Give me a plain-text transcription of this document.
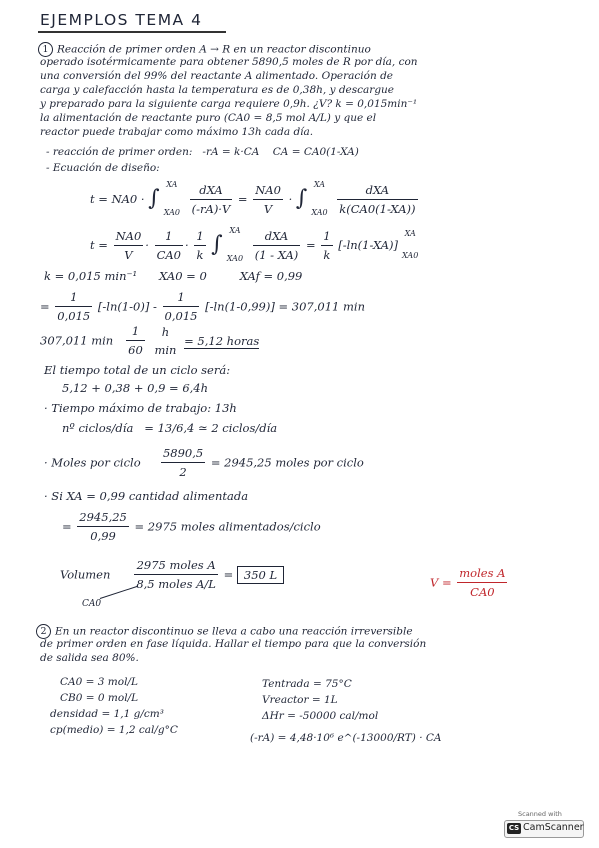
EJEMPLOS TEMA 4
1 Reacción de primer orden A → R en un reactor discontinuo
operado isotérmicamente para obtener 5890,5 moles de R por día, con
una conversión del 99% del reactante A alimentado. Operación de
carga y calefacción hasta la temperatura es de 0,38h, y descargue
y preparado para la siguiente carga requiere 0,9h. ¿V? k = 0,015min⁻¹
la alimentación de reactante puro (CA0 = 8,5 mol A/L) y que el
reactor puede trabajar como máximo 13h cada día.
- reacción de primer orden: -rA = k·CA CA = CA0(1-XA)
- Ecuación de diseño:
t = NA0 · ∫
XA
XA0
$\frac{\text{dXA}}{(-rA)\cdot V} = \frac{NA0}{V}$ · ∫
XA
XA0
$\frac{\text{dXA}}{k(CA0(1-XA))}$
$t = \frac{NA0}{V} \cdot \frac{1}{CA0} \cdot \frac{1}{k}$ ∫
XA
XA0
$\frac{\text{dXA}}{(1 - XA)} = \frac{1}{k} [-\ln(1-XA)]$
XA
XA0
k = 0,015 min⁻¹ XA0 = 0	XAf = 0,99
= $\frac{1}{0,015} [-\ln(1-0)] - \frac{1}{0,015} [-\ln(1-0,99)] = 307,011$ min
307,011 $\min \frac{1}{60}$
	h
min
= 5,12 horas
El tiempo total de un ciclo será:
5,12 + 0,38 + 0,9 = 6,4h
· Tiempo máximo de trabajo: 13h
nº ciclos/día = 13/6,4 ≃ 2 ciclos/día
· Moles por ciclo $\frac{5890,5}{2} = 2945,25$ moles por ciclo
· Si XA = 0,99 cantidad alimentada
= $\frac{2945,25}{0,99} = 2975$ moles alimentados/ciclo
Volumen $\frac{\text{2975 moles A}}{\text{8,5 moles A/L}} = 350$ L
$V = \frac{\text{moles A}}{CA0}$
CA0
2 En un reactor discontinuo se lleva a cabo una reacción irreversible
de primer orden en fase líquida. Hallar el tiempo para que la conversión
de salida sea 80%.
CA0 = 3 mol/L
CB0 = 0 mol/L
densidad = 1,1 g/cm³
cp(medio) = 1,2 cal/g°C
Tentrada = 75°C
Vreactor = 1L
ΔHr = -50000 cal/mol
(-rA) = 4,48·10⁶ e^(-13000/RT) · CA
Scanned with
CS CamScanner
